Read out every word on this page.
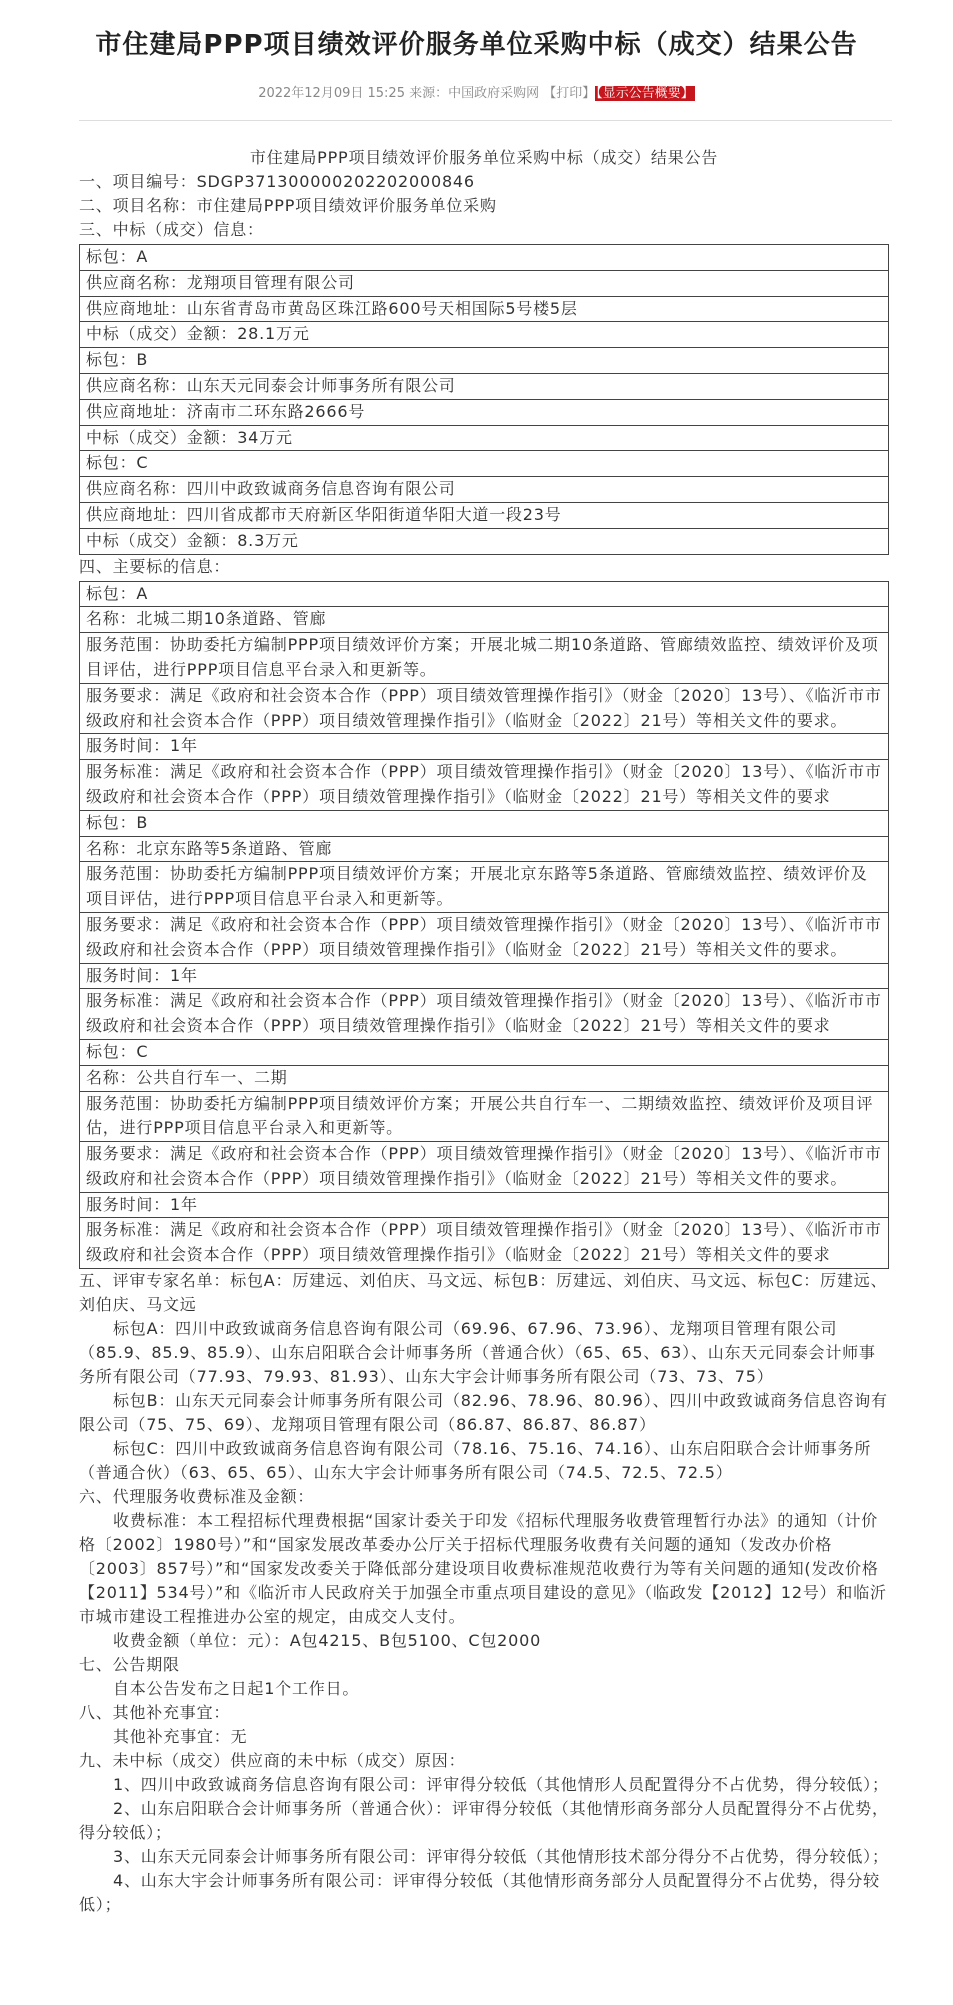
市住建局PPP项目绩效评价服务单位采购中标（成交）结果公告
2022年12月09日 15:25 来源：中国政府采购网 【打印】【显示公告概要】

市住建局PPP项目绩效评价服务单位采购中标（成交）结果公告

一、项目编号：SDGP371300000202202000846

二、项目名称：市住建局PPP项目绩效评价服务单位采购

三、中标（成交）信息：

标包：A
供应商名称：龙翔项目管理有限公司
供应商地址：山东省青岛市黄岛区珠江路600号天相国际5号楼5层
中标（成交）金额：28.1万元
标包：B
供应商名称：山东天元同泰会计师事务所有限公司
供应商地址：济南市二环东路2666号
中标（成交）金额：34万元
标包：C
供应商名称：四川中政致诚商务信息咨询有限公司
供应商地址：四川省成都市天府新区华阳街道华阳大道一段23号
中标（成交）金额：8.3万元

四、主要标的信息：

标包：A
名称：北城二期10条道路、管廊
服务范围：协助委托方编制PPP项目绩效评价方案；开展北城二期10条道路、管廊绩效监控、绩效评价及项目评估，进行PPP项目信息平台录入和更新等。
服务要求：满足《政府和社会资本合作（PPP）项目绩效管理操作指引》（财金〔2020〕13号）、《临沂市市级政府和社会资本合作（PPP）项目绩效管理操作指引》（临财金〔2022〕21号）等相关文件的要求。
服务时间：1年
服务标准：满足《政府和社会资本合作（PPP）项目绩效管理操作指引》（财金〔2020〕13号）、《临沂市市级政府和社会资本合作（PPP）项目绩效管理操作指引》（临财金〔2022〕21号）等相关文件的要求
标包：B
名称：北京东路等5条道路、管廊
服务范围：协助委托方编制PPP项目绩效评价方案；开展北京东路等5条道路、管廊绩效监控、绩效评价及项目评估，进行PPP项目信息平台录入和更新等。
服务要求：满足《政府和社会资本合作（PPP）项目绩效管理操作指引》（财金〔2020〕13号）、《临沂市市级政府和社会资本合作（PPP）项目绩效管理操作指引》（临财金〔2022〕21号）等相关文件的要求。
服务时间：1年
服务标准：满足《政府和社会资本合作（PPP）项目绩效管理操作指引》（财金〔2020〕13号）、《临沂市市级政府和社会资本合作（PPP）项目绩效管理操作指引》（临财金〔2022〕21号）等相关文件的要求
标包：C
名称：公共自行车一、二期
服务范围：协助委托方编制PPP项目绩效评价方案；开展公共自行车一、二期绩效监控、绩效评价及项目评估，进行PPP项目信息平台录入和更新等。
服务要求：满足《政府和社会资本合作（PPP）项目绩效管理操作指引》（财金〔2020〕13号）、《临沂市市级政府和社会资本合作（PPP）项目绩效管理操作指引》（临财金〔2022〕21号）等相关文件的要求。
服务时间：1年
服务标准：满足《政府和社会资本合作（PPP）项目绩效管理操作指引》（财金〔2020〕13号）、《临沂市市级政府和社会资本合作（PPP）项目绩效管理操作指引》（临财金〔2022〕21号）等相关文件的要求

五、评审专家名单：标包A：厉建远、刘伯庆、马文远、标包B：厉建远、刘伯庆、马文远、标包C：厉建远、刘伯庆、马文远

标包A：四川中政致诚商务信息咨询有限公司（69.96、67.96、73.96）、龙翔项目管理有限公司（85.9、85.9、85.9）、山东启阳联合会计师事务所（普通合伙）（65、65、63）、山东天元同泰会计师事务所有限公司（77.93、79.93、81.93）、山东大宇会计师事务所有限公司（73、73、75）

标包B：山东天元同泰会计师事务所有限公司（82.96、78.96、80.96）、四川中政致诚商务信息咨询有限公司（75、75、69）、龙翔项目管理有限公司（86.87、86.87、86.87）

标包C：四川中政致诚商务信息咨询有限公司（78.16、75.16、74.16）、山东启阳联合会计师事务所（普通合伙）（63、65、65）、山东大宇会计师事务所有限公司（74.5、72.5、72.5）

六、代理服务收费标准及金额：

收费标准：本工程招标代理费根据“国家计委关于印发《招标代理服务收费管理暂行办法》的通知（计价格〔2002〕1980号）”和“国家发展改革委办公厅关于招标代理服务收费有关问题的通知（发改办价格〔2003〕857号）”和“国家发改委关于降低部分建设项目收费标准规范收费行为等有关问题的通知(发改价格【2011】534号）”和《临沂市人民政府关于加强全市重点项目建设的意见》（临政发【2012】12号）和临沂市城市建设工程推进办公室的规定，由成交人支付。

收费金额（单位：元）：A包4215、B包5100、C包2000

七、公告期限

自本公告发布之日起1个工作日。

八、其他补充事宜：

其他补充事宜：无

九、未中标（成交）供应商的未中标（成交）原因：

1、四川中政致诚商务信息咨询有限公司：评审得分较低（其他情形人员配置得分不占优势，得分较低）；

2、山东启阳联合会计师事务所（普通合伙）：评审得分较低（其他情形商务部分人员配置得分不占优势，得分较低）；

3、山东天元同泰会计师事务所有限公司：评审得分较低（其他情形技术部分得分不占优势，得分较低）；

4、山东大宇会计师事务所有限公司：评审得分较低（其他情形商务部分人员配置得分不占优势，得分较低）；
